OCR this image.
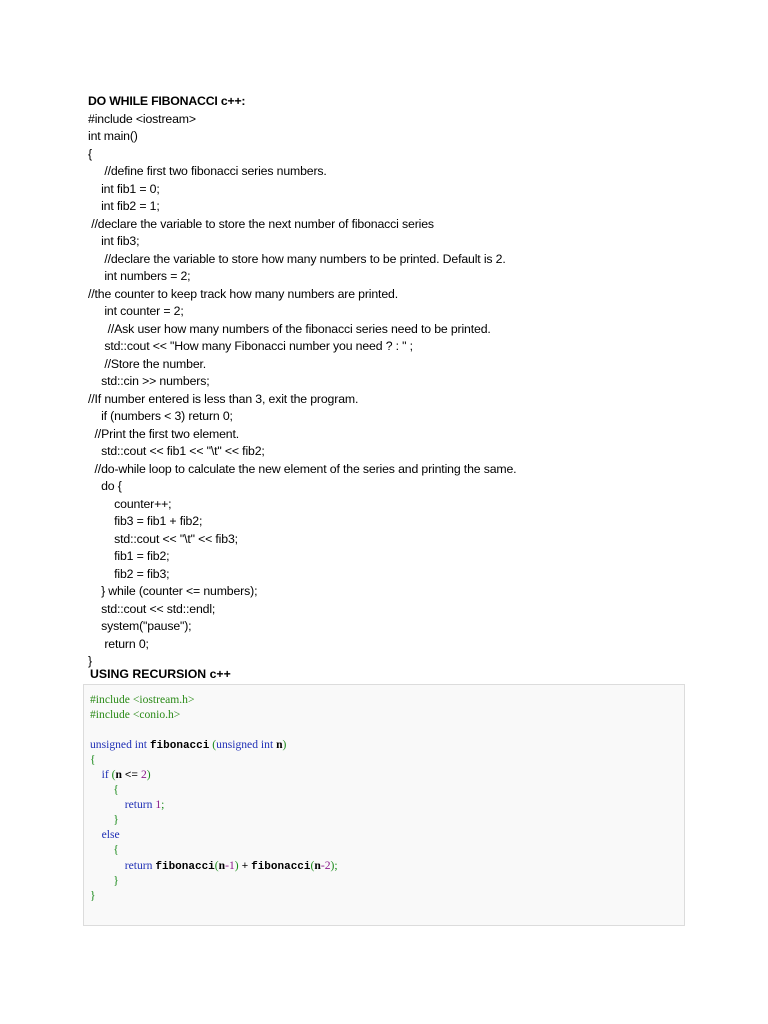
DO WHILE FIBONACCI c++:
#include <iostream>
int main()
{
//define first two fibonacci series numbers.
int fib1 = 0;
int fib2 = 1;
//declare the variable to store the next number of fibonacci series
int fib3;
//declare the variable to store how many numbers to be printed. Default is 2.
int numbers = 2;
//the counter to keep track how many numbers are printed.
int counter = 2;
//Ask user how many numbers of the fibonacci series need to be printed.
std::cout << "How many Fibonacci number you need ? : " ;
//Store the number.
std::cin >> numbers;
//If number entered is less than 3, exit the program.
if (numbers < 3) return 0;
//Print the first two element.
std::cout << fib1 << "\t" << fib2;
//do-while loop to calculate the new element of the series and printing the same.
do {
counter++;
fib3 = fib1 + fib2;
std::cout << "\t" << fib3;
fib1 = fib2;
fib2 = fib3;
} while (counter <= numbers);
std::cout << std::endl;
system("pause");
return 0;
}
USING RECURSION c++
#include <iostream.h>
#include <conio.h>
unsigned int fibonacci (unsigned int n)
{
if (n <= 2)
{
return 1;
}
else
{
return fibonacci(n-1) + fibonacci(n-2);
}
}
